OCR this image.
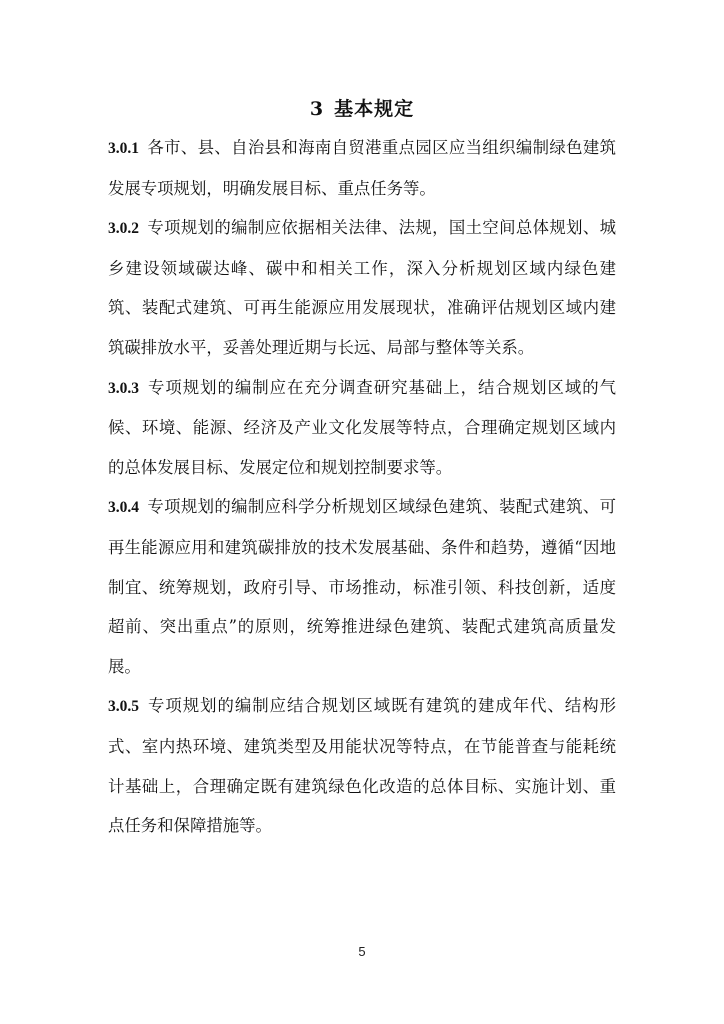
3 基本规定

3.0.1 各市、县、自治县和海南自贸港重点园区应当组织编制绿色建筑发展专项规划，明确发展目标、重点任务等。

3.0.2 专项规划的编制应依据相关法律、法规，国土空间总体规划、城乡建设领域碳达峰、碳中和相关工作，深入分析规划区域内绿色建筑、装配式建筑、可再生能源应用发展现状，准确评估规划区域内建筑碳排放水平，妥善处理近期与长远、局部与整体等关系。

3.0.3 专项规划的编制应在充分调查研究基础上，结合规划区域的气候、环境、能源、经济及产业文化发展等特点，合理确定规划区域内的总体发展目标、发展定位和规划控制要求等。

3.0.4 专项规划的编制应科学分析规划区域绿色建筑、装配式建筑、可再生能源应用和建筑碳排放的技术发展基础、条件和趋势，遵循“因地制宜、统筹规划，政府引导、市场推动，标准引领、科技创新，适度超前、突出重点”的原则，统筹推进绿色建筑、装配式建筑高质量发展。

3.0.5 专项规划的编制应结合规划区域既有建筑的建成年代、结构形式、室内热环境、建筑类型及用能状况等特点，在节能普查与能耗统计基础上，合理确定既有建筑绿色化改造的总体目标、实施计划、重点任务和保障措施等。

5
